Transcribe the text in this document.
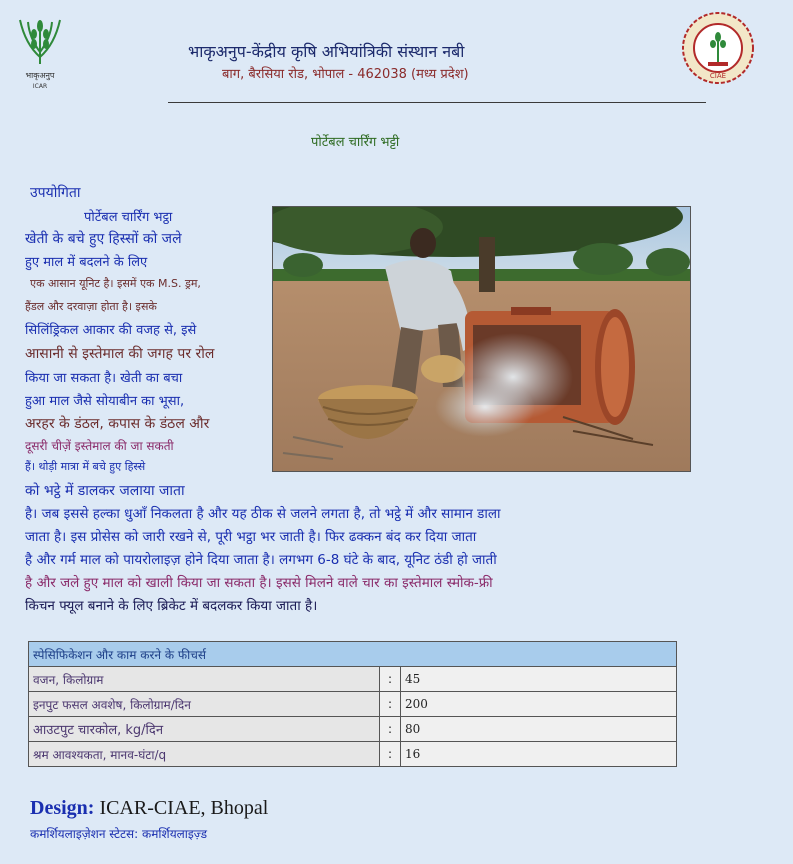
भाकृअनुप
ICAR
CIAE
भाकृअनुप-केंद्रीय कृषि अभियांत्रिकी संस्थान नबी
बाग, बैरसिया रोड, भोपाल - 462038 (मध्य प्रदेश)
पोर्टेबल चार्रिंग भट्टी
उपयोगिता
पोर्टेबल चार्रिंग भट्ठा
खेती के बचे हुए हिस्सों को जले
हुए माल में बदलने के लिए
एक आसान यूनिट है। इसमें एक M.S. ड्रम,
हैंडल और दरवाज़ा होता है। इसके
सिलिंड्रिकल आकार की वजह से, इसे
आसानी से इस्तेमाल की जगह पर रोल
किया जा सकता है। खेती का बचा
हुआ माल जैसे सोयाबीन का भूसा,
अरहर के डंठल, कपास के डंठल और
दूसरी चीज़ें इस्तेमाल की जा सकती
हैं। थोड़ी मात्रा में बचे हुए हिस्से
को भट्ठे में डालकर जलाया जाता
है। जब इससे हल्का धुआँ निकलता है और यह ठीक से जलने लगता है, तो भट्ठे में और सामान डाला
जाता है। इस प्रोसेस को जारी रखने से, पूरी भट्ठा भर जाती है। फिर ढक्कन बंद कर दिया जाता
है और गर्म माल को पायरोलाइज़ होने दिया जाता है। लगभग 6-8 घंटे के बाद, यूनिट ठंडी हो जाती
है और जले हुए माल को खाली किया जा सकता है। इससे मिलने वाले चार का इस्तेमाल स्मोक-फ्री
किचन फ्यूल बनाने के लिए ब्रिकेट में बदलकर किया जाता है।
स्पेसिफिकेशन और काम करने के फीचर्स		
वजन, किलोग्राम	:	45
इनपुट फसल अवशेष, किलोग्राम/दिन	:	200
आउटपुट चारकोल, kg/दिन	:	80
श्रम आवश्यकता, मानव-घंटा/q	:	16
Design: ICAR-CIAE, Bhopal
कमर्शियलाइज़ेशन स्टेटस: कमर्शियलाइज़्ड
